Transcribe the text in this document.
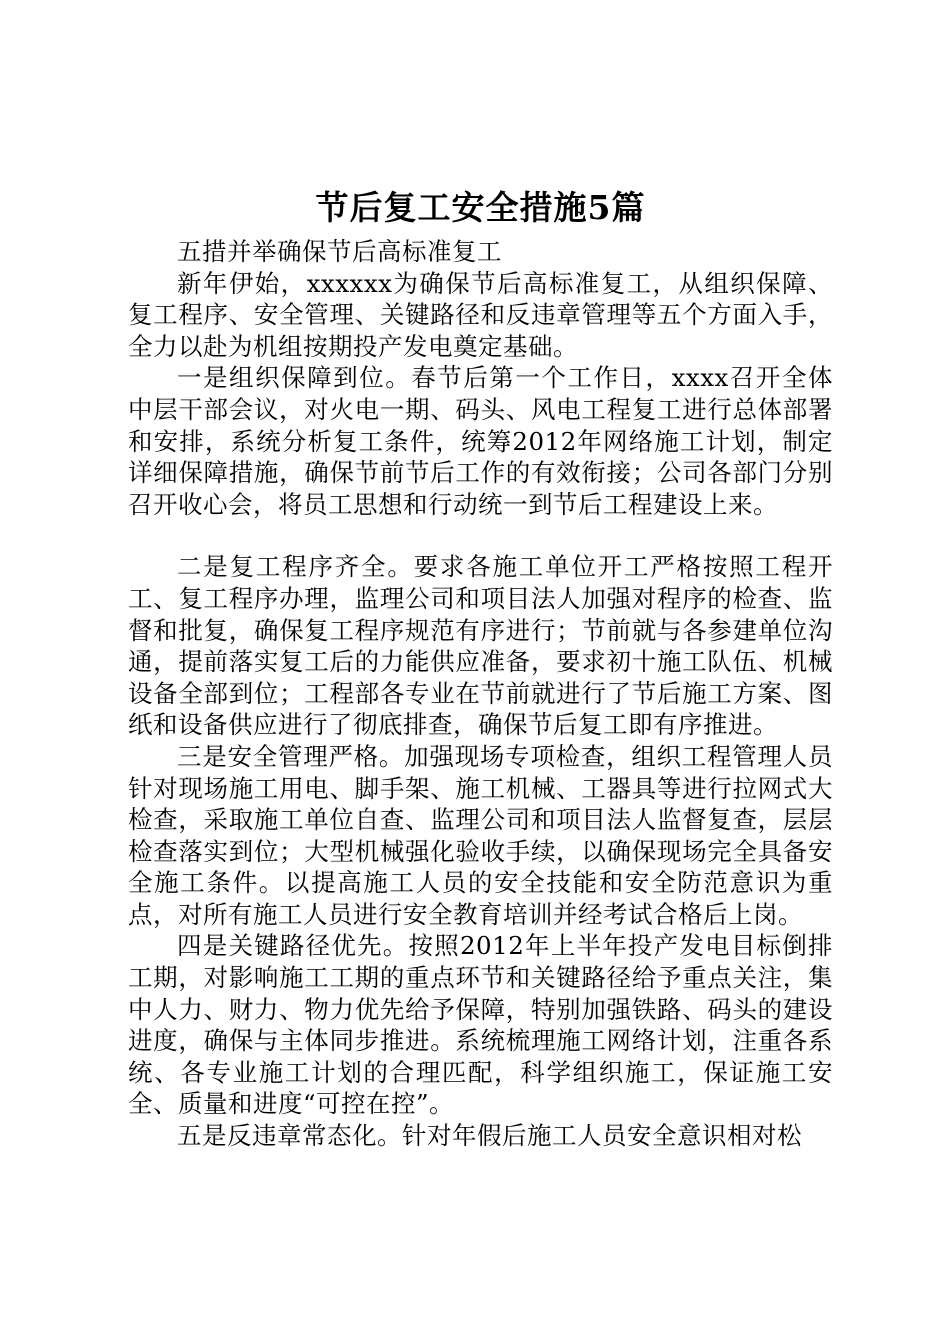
节后复工安全措施5篇

五措并举确保节后高标准复工

新年伊始，xxxxxx为确保节后高标准复工，从组织保障、复工程序、安全管理、关键路径和反违章管理等五个方面入手，全力以赴为机组按期投产发电奠定基础。

一是组织保障到位。春节后第一个工作日，xxxx召开全体中层干部会议，对火电一期、码头、风电工程复工进行总体部署和安排，系统分析复工条件，统筹2012年网络施工计划，制定详细保障措施，确保节前节后工作的有效衔接；公司各部门分别召开收心会，将员工思想和行动统一到节后工程建设上来。

二是复工程序齐全。要求各施工单位开工严格按照工程开工、复工程序办理，监理公司和项目法人加强对程序的检查、监督和批复，确保复工程序规范有序进行；节前就与各参建单位沟通，提前落实复工后的力能供应准备，要求初十施工队伍、机械设备全部到位；工程部各专业在节前就进行了节后施工方案、图纸和设备供应进行了彻底排查，确保节后复工即有序推进。

三是安全管理严格。加强现场专项检查，组织工程管理人员针对现场施工用电、脚手架、施工机械、工器具等进行拉网式大检查，采取施工单位自查、监理公司和项目法人监督复查，层层检查落实到位；大型机械强化验收手续，以确保现场完全具备安全施工条件。以提高施工人员的安全技能和安全防范意识为重点，对所有施工人员进行安全教育培训并经考试合格后上岗。

四是关键路径优先。按照2012年上半年投产发电目标倒排工期，对影响施工工期的重点环节和关键路径给予重点关注，集中人力、财力、物力优先给予保障，特别加强铁路、码头的建设进度，确保与主体同步推进。系统梳理施工网络计划，注重各系统、各专业施工计划的合理匹配，科学组织施工，保证施工安全、质量和进度“可控在控”。

五是反违章常态化。针对年假后施工人员安全意识相对松
